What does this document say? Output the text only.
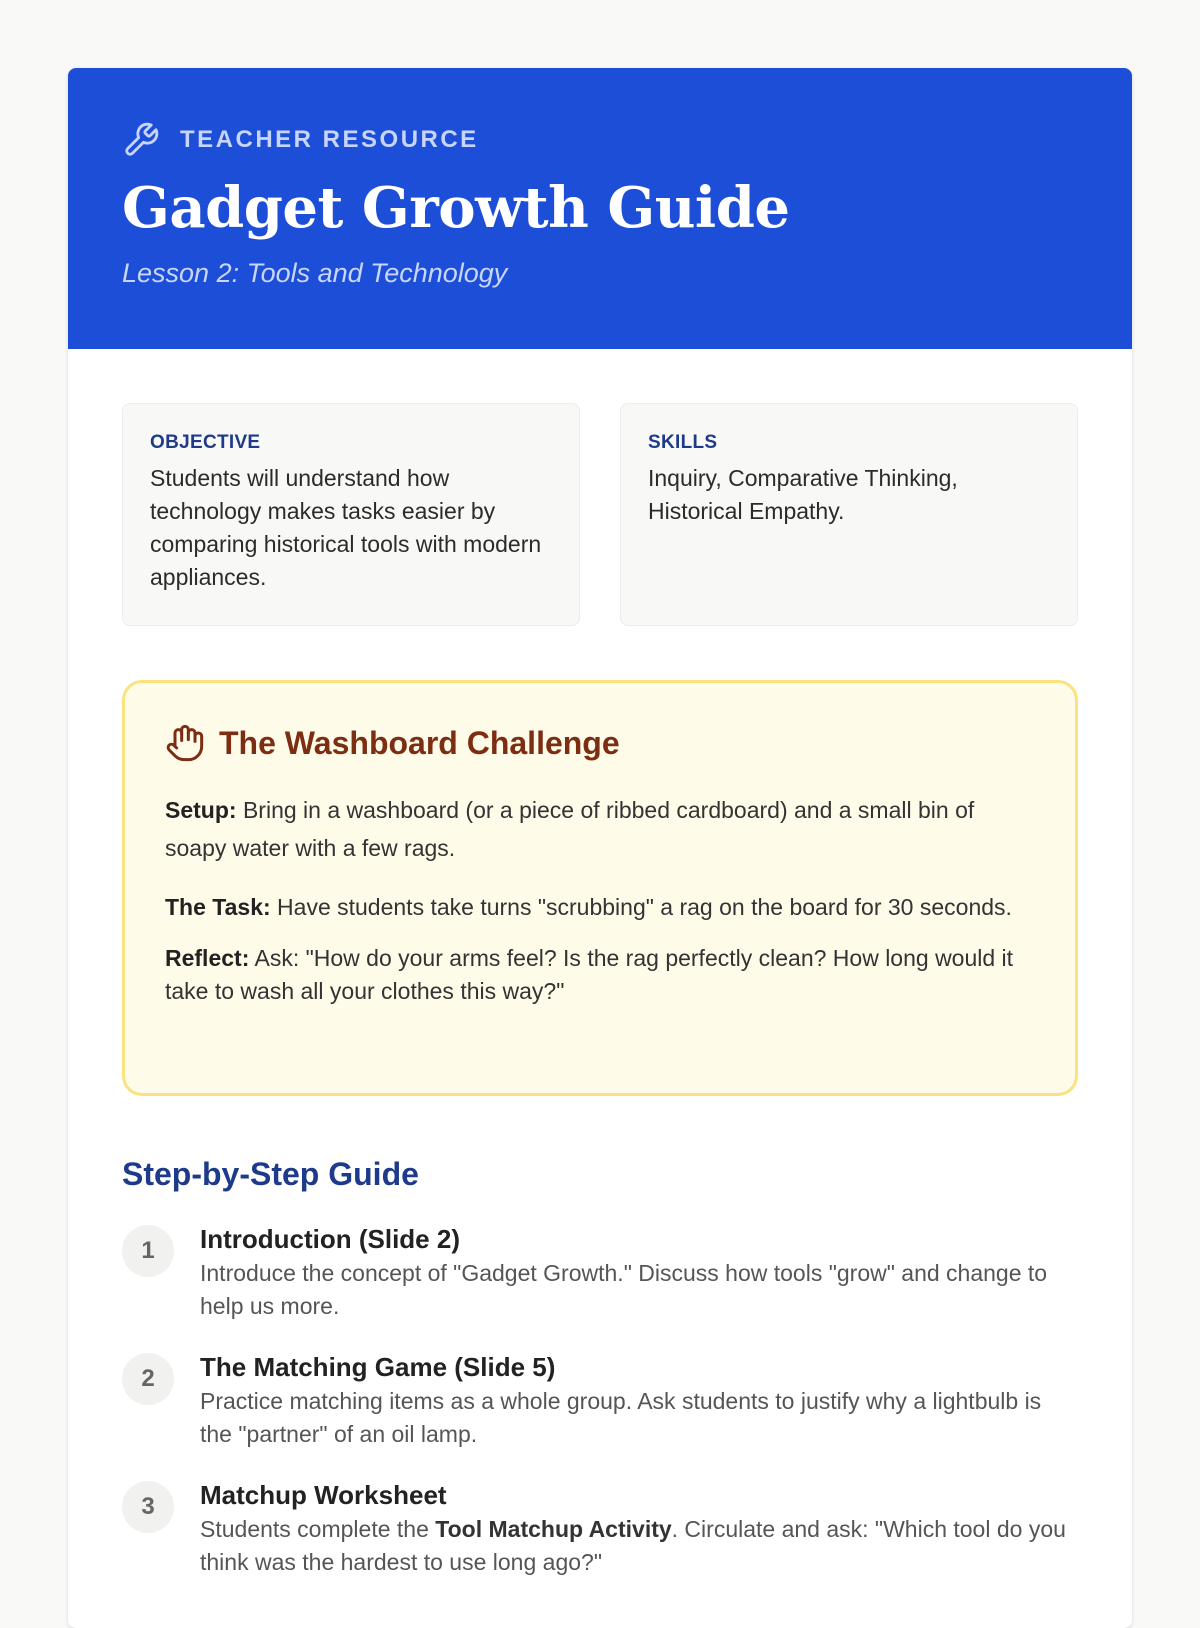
TEACHER RESOURCE
Gadget Growth Guide
Lesson 2: Tools and Technology
OBJECTIVE
Students will understand how technology makes tasks easier by comparing historical tools with modern appliances.
SKILLS
Inquiry, Comparative Thinking, Historical Empathy.
The Washboard Challenge

Setup: Bring in a washboard (or a piece of ribbed cardboard) and a small bin of soapy water with a few rags.

The Task: Have students take turns "scrubbing" a rag on the board for 30 seconds.

Reflect: Ask: "How do your arms feel? Is the rag perfectly clean? How long would it take to wash all your clothes this way?"

Step-by-Step Guide
1	Introduction (Slide 2)
Introduce the concept of "Gadget Growth." Discuss how tools "grow" and change to help us more.
2	The Matching Game (Slide 5)
Practice matching items as a whole group. Ask students to justify why a lightbulb is the "partner" of an oil lamp.
3	Matchup Worksheet
Students complete the Tool Matchup Activity. Circulate and ask: "Which tool do you think was the hardest to use long ago?"
